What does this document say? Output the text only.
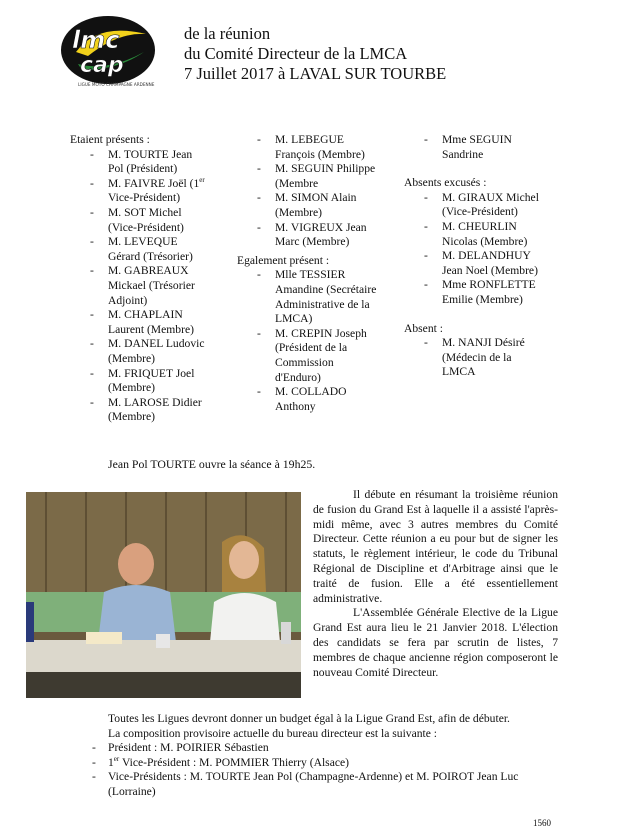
lmc
cap
LIGUE MOTO CHAMPAGNE ARDENNE
de la réunion
du Comité Directeur de la LMCA
7 Juillet 2017 à LAVAL SUR TOURBE
Etaient présents :
- M. TOURTE Jean
Pol (Président)
- M. FAIVRE Joël (1er
Vice-Président)
- M. SOT Michel
(Vice-Président)
- M. LEVEQUE
Gérard (Trésorier)
- M. GABREAUX
Mickael (Trésorier
Adjoint)
- M. CHAPLAIN
Laurent (Membre)
- M. DANEL Ludovic
(Membre)
- M. FRIQUET Joel
(Membre)
- M. LAROSE Didier
(Membre)
- M. LEBEGUE
François (Membre)
- M. SEGUIN Philippe
(Membre
- M. SIMON Alain
(Membre)
- M. VIGREUX Jean
Marc (Membre)
Egalement présent :
- Mlle TESSIER
Amandine (Secrétaire
Administrative de la
LMCA)
- M. CREPIN Joseph
(Président de la
Commission
d'Enduro)
- M. COLLADO
Anthony
- Mme SEGUIN
Sandrine
Absents excusés :
- M. GIRAUX Michel
(Vice-Président)
- M. CHEURLIN
Nicolas (Membre)
- M. DELANDHUY
Jean Noel (Membre)
- Mme RONFLETTE
Emilie (Membre)
Absent :
- M. NANJI Désiré
(Médecin de la
LMCA
Jean Pol TOURTE ouvre la séance à 19h25.

Il débute en résumant la troisième réunion de fusion du Grand Est à laquelle il a assisté l'après-midi même, avec 3 autres membres du Comité Directeur. Cette réunion a eu pour but de signer les statuts, le règlement intérieur, le code du Tribunal Régional de Discipline et d'Arbitrage ainsi que le traité de fusion. Elle a été essentiellement administrative.

L'Assemblée Générale Elective de la Ligue Grand Est aura lieu le 21 Janvier 2018. L'élection des candidats se fera par scrutin de listes, 7 membres de chaque ancienne région composeront le nouveau Comité Directeur.

Toutes les Ligues devront donner un budget égal à la Ligue Grand Est, afin de débuter.

La composition provisoire actuelle du bureau directeur est la suivante :

- Président : M. POIRIER Sébastien
- 1er Vice-Président : M. POMMIER Thierry (Alsace)
- Vice-Présidents : M. TOURTE Jean Pol (Champagne-Ardenne) et M. POIROT Jean Luc (Lorraine)
1560
